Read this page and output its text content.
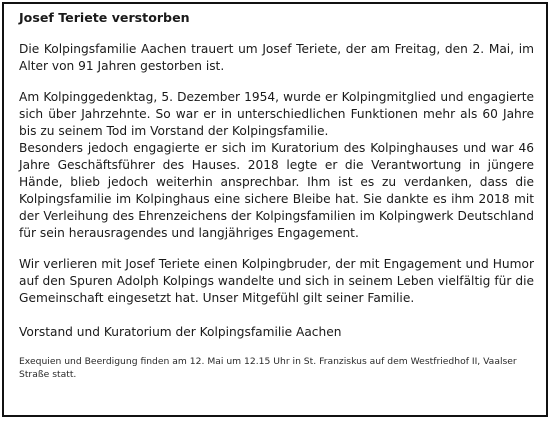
Josef Teriete verstorben

Die Kolpingsfamilie Aachen trauert um Josef Teriete, der am Freitag, den 2. Mai, im Alter von 91 Jahren gestorben ist.

Am Kolpinggedenktag, 5. Dezember 1954, wurde er Kolpingmitglied und engagierte sich über Jahrzehnte. So war er in unterschiedlichen Funktionen mehr als 60 Jahre bis zu seinem Tod im Vorstand der Kolpingsfamilie.

Besonders jedoch engagierte er sich im Kuratorium des Kolpinghauses und war 46 Jahre Geschäftsführer des Hauses. 2018 legte er die Verantwortung in jüngere Hände, blieb jedoch weiterhin ansprechbar. Ihm ist es zu verdanken, dass die Kolpingsfamilie im Kolpinghaus eine sichere Bleibe hat. Sie dankte es ihm 2018 mit der Verleihung des Ehrenzeichens der Kolpingsfamilien im Kolpingwerk Deutschland für sein herausragendes und langjähriges Engagement.

Wir verlieren mit Josef Teriete einen Kolpingbruder, der mit Engagement und Humor auf den Spuren Adolph Kolpings wandelte und sich in seinem Leben vielfältig für die Gemeinschaft eingesetzt hat. Unser Mitgefühl gilt seiner Familie.

Vorstand und Kuratorium der Kolpingsfamilie Aachen
Exequien und Beerdigung finden am 12. Mai um 12.15 Uhr in St. Franziskus auf dem Westfriedhof II, Vaalser Straße statt.
